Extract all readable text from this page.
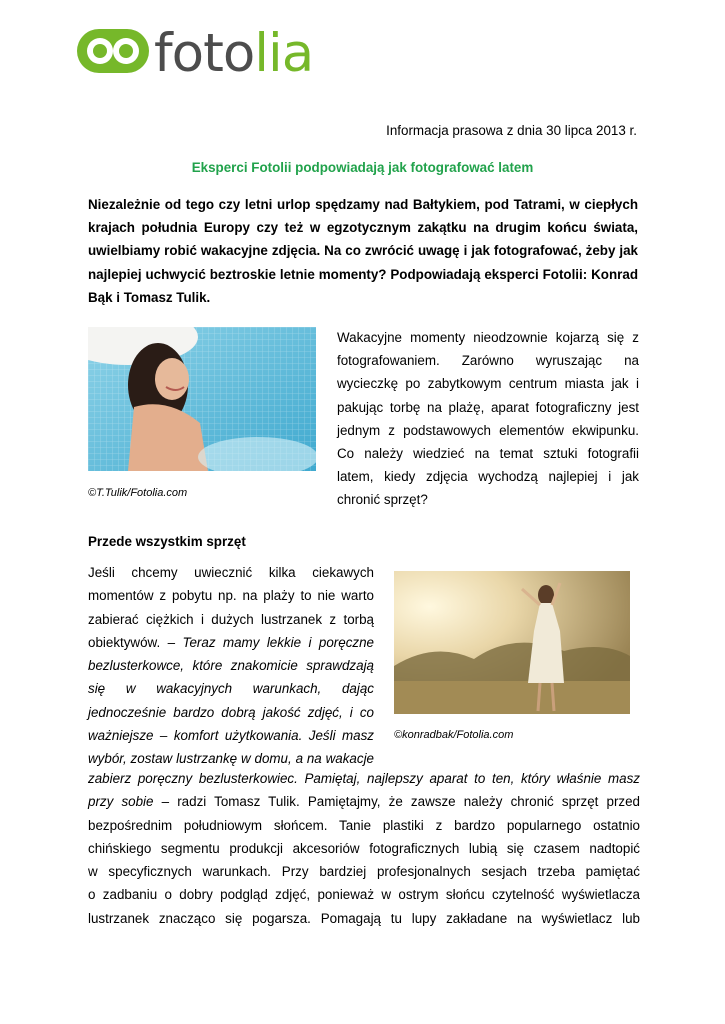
fotolia
Informacja prasowa z dnia 30 lipca 2013 r.
Eksperci Fotolii podpowiadają jak fotografować latem
Niezależnie od tego czy letni urlop spędzamy nad Bałtykiem, pod Tatrami, w ciepłych krajach południa Europy czy też w egzotycznym zakątku na drugim końcu świata, uwielbiamy robić wakacyjne zdjęcia. Na co zwrócić uwagę i jak fotografować, żeby jak najlepiej uchwycić beztroskie letnie momenty? Podpowiadają eksperci Fotolii: Konrad Bąk i Tomasz Tulik.
©T.Tulik/Fotolia.com
Wakacyjne momenty nieodzownie kojarzą się z fotografowaniem. Zarówno wyruszając na wycieczkę po zabytkowym centrum miasta jak i pakując torbę na plażę, aparat fotograficzny jest jednym z podstawowych elementów ekwipunku. Co należy wiedzieć na temat sztuki fotografii latem, kiedy zdjęcia wychodzą najlepiej i jak chronić sprzęt?
Przede wszystkim sprzęt
Jeśli chcemy uwiecznić kilka ciekawych
momentów z pobytu np. na plaży to nie warto
zabierać ciężkich i dużych lustrzanek z torbą
obiektywów. – Teraz mamy lekkie i poręczne
bezlusterkowce, które znakomicie sprawdzają
się w wakacyjnych warunkach, dając
jednocześnie bardzo dobrą jakość zdjęć, i co
ważniejsze – komfort użytkowania. Jeśli masz
wybór, zostaw lustrzankę w domu, a na wakacje
©konradbak/Fotolia.com
zabierz poręczny bezlusterkowiec. Pamiętaj, najlepszy aparat to ten, który właśnie masz
przy sobie – radzi Tomasz Tulik. Pamiętajmy, że zawsze należy chronić sprzęt przed
bezpośrednim południowym słońcem. Tanie plastiki z bardzo popularnego ostatnio
chińskiego segmentu produkcji akcesoriów fotograficznych lubią się czasem nadtopić
w specyficznych warunkach. Przy bardziej profesjonalnych sesjach trzeba pamiętać
o zadbaniu o dobry podgląd zdjęć, ponieważ w ostrym słońcu czytelność wyświetlacza
lustrzanek znacząco się pogarsza. Pomagają tu lupy zakładane na wyświetlacz lub
